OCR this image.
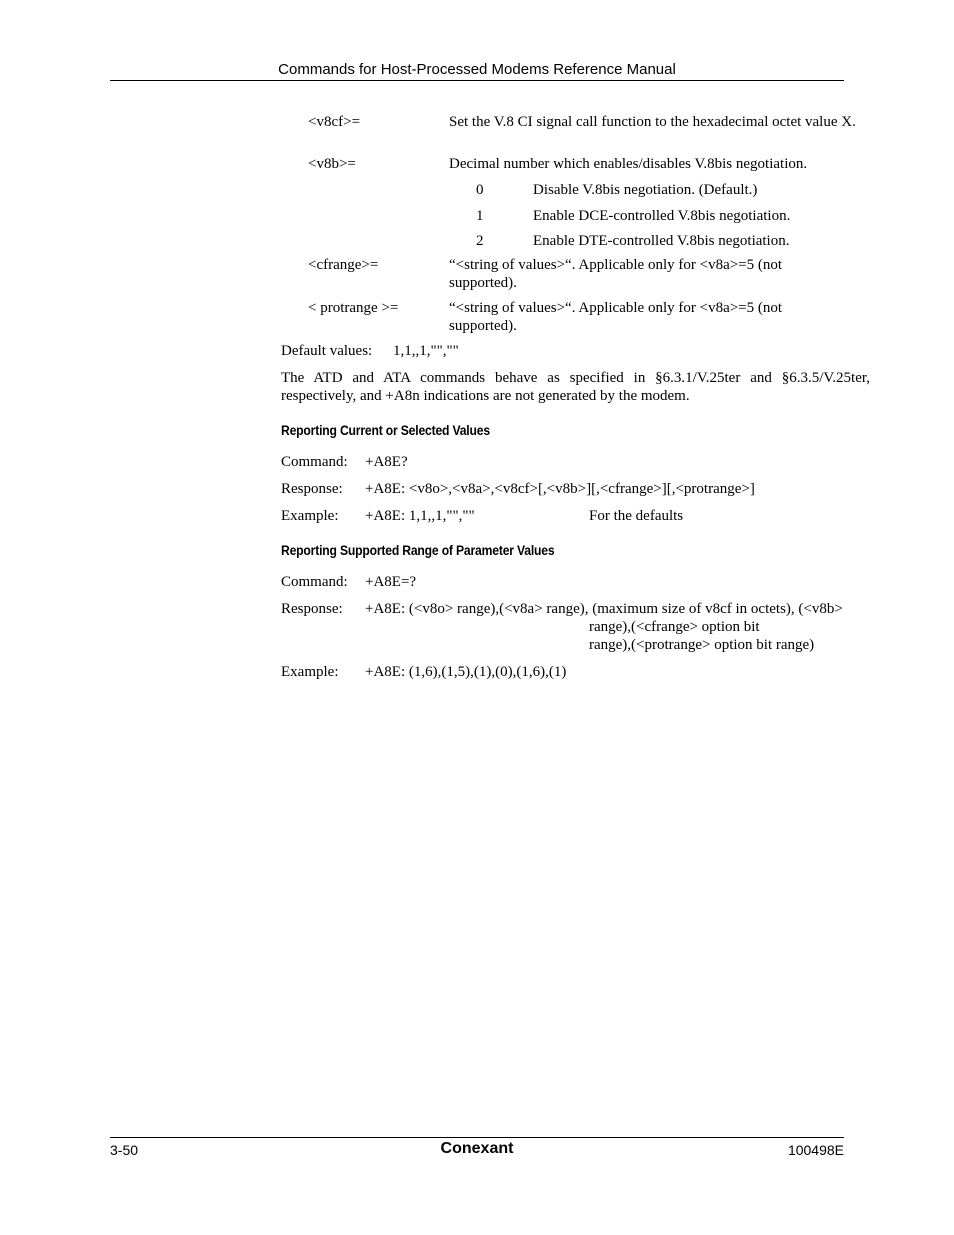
Commands for Host-Processed Modems Reference Manual
<v8cf>=	Set the V.8 CI signal call function to the hexadecimal octet value X.
<v8b>=	Decimal number which enables/disables V.8bis negotiation.
0	Disable V.8bis negotiation. (Default.)
1	Enable DCE-controlled V.8bis negotiation.
2	Enable DTE-controlled V.8bis negotiation.
<cfrange>=	“<string of values>“. Applicable only for <v8a>=5 (not supported).
< protrange >=	“<string of values>“. Applicable only for <v8a>=5 (not supported).
Default values: 1,1,,1,"",""
The ATD and ATA commands behave as specified in §6.3.1/V.25ter and §6.3.5/V.25ter, respectively, and +A8n indications are not generated by the modem.
Reporting Current or Selected Values
Command: +A8E?
Response: +A8E: <v8o>,<v8a>,<v8cf>[,<v8b>][,<cfrange>][,<protrange>]
Example: +A8E: 1,1,,1,"",""	For the defaults
Reporting Supported Range of Parameter Values
Command: +A8E=?
Response: +A8E: (<v8o> range),(<v8a> range), (maximum size of v8cf in octets), (<v8b>
range),(<cfrange> option bit
range),(<protrange> option bit range)
Example: +A8E: (1,6),(1,5),(1),(0),(1,6),(1)
3-50	Conexant	100498E
